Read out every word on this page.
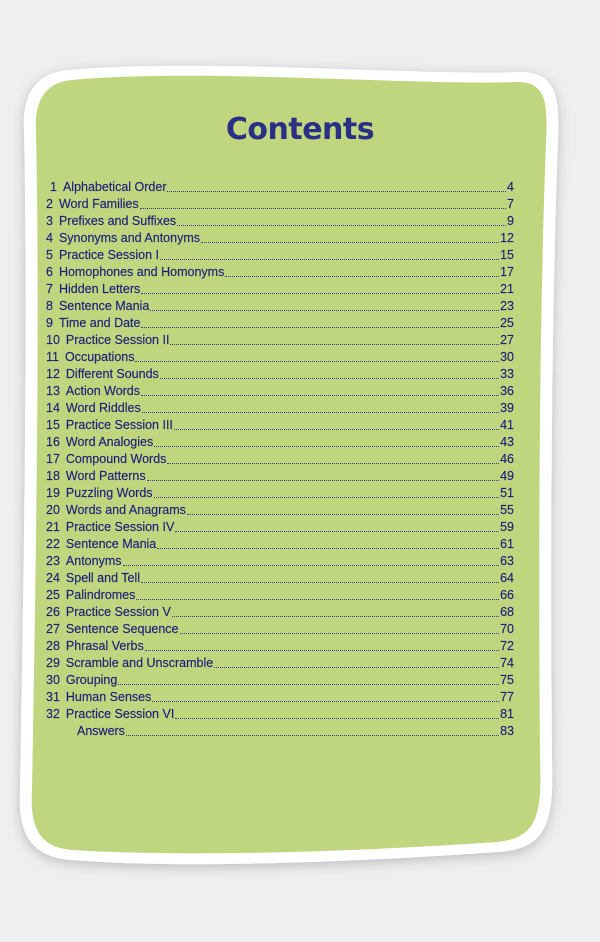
Contents
1 Alphabetical Order	4
2 Word Families	7
3 Prefixes and Suffixes	9
4 Synonyms and Antonyms	12
5 Practice Session I	15
6 Homophones and Homonyms	17
7 Hidden Letters	21
8 Sentence Mania	23
9 Time and Date	25
10 Practice Session II	27
11 Occupations	30
12 Different Sounds	33
13 Action Words	36
14 Word Riddles	39
15 Practice Session III	41
16 Word Analogies	43
17 Compound Words	46
18 Word Patterns	49
19 Puzzling Words	51
20 Words and Anagrams	55
21 Practice Session IV	59
22 Sentence Mania	61
23 Antonyms	63
24 Spell and Tell	64
25 Palindromes	66
26 Practice Session V	68
27 Sentence Sequence	70
28 Phrasal Verbs	72
29 Scramble and Unscramble	74
30 Grouping	75
31 Human Senses	77
32 Practice Session VI	81
Answers	83
